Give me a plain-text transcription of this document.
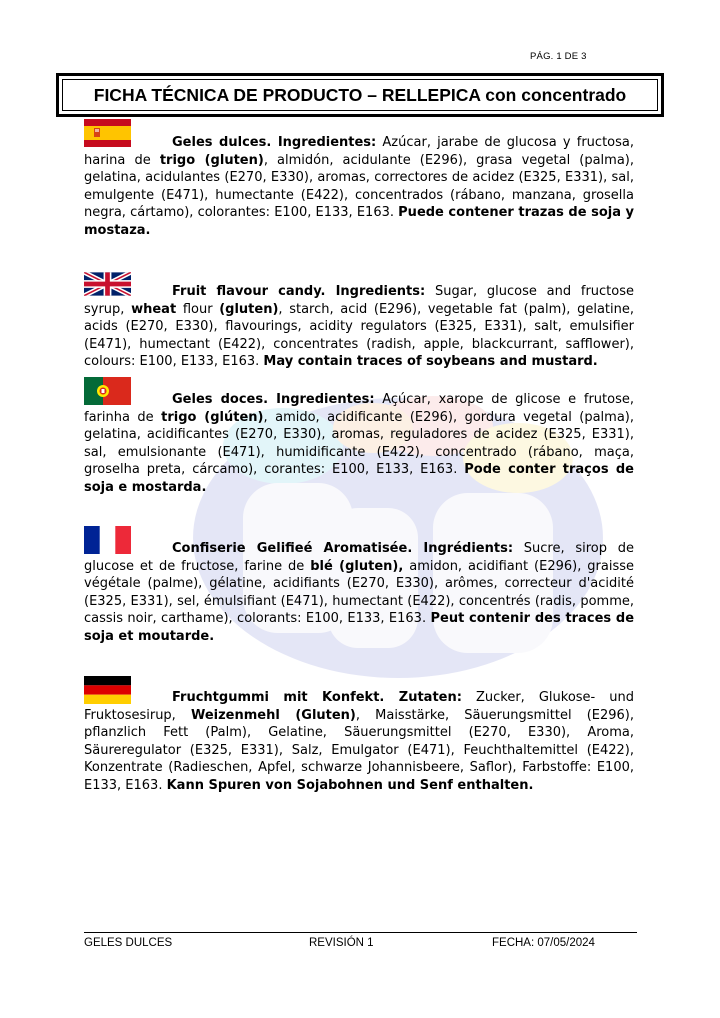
PÁG. 1 DE 3
FICHA TÉCNICA DE PRODUCTO – RELLEPICA con concentrado

Geles dulces. Ingredientes: Azúcar, jarabe de glucosa y fructosa, harina de trigo (gluten), almidón, acidulante (E296), grasa vegetal (palma), gelatina, acidulantes (E270, E330), aromas, correctores de acidez (E325, E331), sal, emulgente (E471), humectante (E422), concentrados (rábano, manzana, grosella negra, cártamo), colorantes: E100, E133, E163. Puede contener trazas de soja y mostaza.

Fruit flavour candy. Ingredients: Sugar, glucose and fructose syrup, wheat flour (gluten), starch, acid (E296), vegetable fat (palm), gelatine, acids (E270, E330), flavourings, acidity regulators (E325, E331), salt, emulsifier (E471), humectant (E422), concentrates (radish, apple, blackcurrant, safflower), colours: E100, E133, E163. May contain traces of soybeans and mustard.

Geles doces. Ingredientes: Açúcar, xarope de glicose e frutose, farinha de trigo (glúten), amido, acidificante (E296), gordura vegetal (palma), gelatina, acidificantes (E270, E330), aromas, reguladores de acidez (E325, E331), sal, emulsionante (E471), humidificante (E422), concentrado (rábano, maça, groselha preta, cárcamo), corantes: E100, E133, E163. Pode conter traços de soja e mostarda.

Confiserie Gelifieé Aromatisée. Ingrédients: Sucre, sirop de glucose et de fructose, farine de blé (gluten), amidon, acidifiant (E296), graisse végétale (palme), gélatine, acidifiants (E270, E330), arômes, correcteur d'acidité (E325, E331), sel, émulsifiant (E471), humectant (E422), concentrés (radis, pomme, cassis noir, carthame), colorants: E100, E133, E163. Peut contenir des traces de soja et moutarde.

Fruchtgummi mit Konfekt. Zutaten: Zucker, Glukose- und Fruktosesirup, Weizenmehl (Gluten), Maisstärke, Säuerungsmittel (E296), pflanzlich Fett (Palm), Gelatine, Säuerungsmittel (E270, E330), Aroma, Säureregulator (E325, E331), Salz, Emulgator (E471), Feuchthaltemittel (E422), Konzentrate (Radieschen, Apfel, schwarze Johannisbeere, Saflor), Farbstoffe: E100, E133, E163. Kann Spuren von Sojabohnen und Senf enthalten.

GELES DULCES	REVISIÓN 1	FECHA: 07/05/2024
